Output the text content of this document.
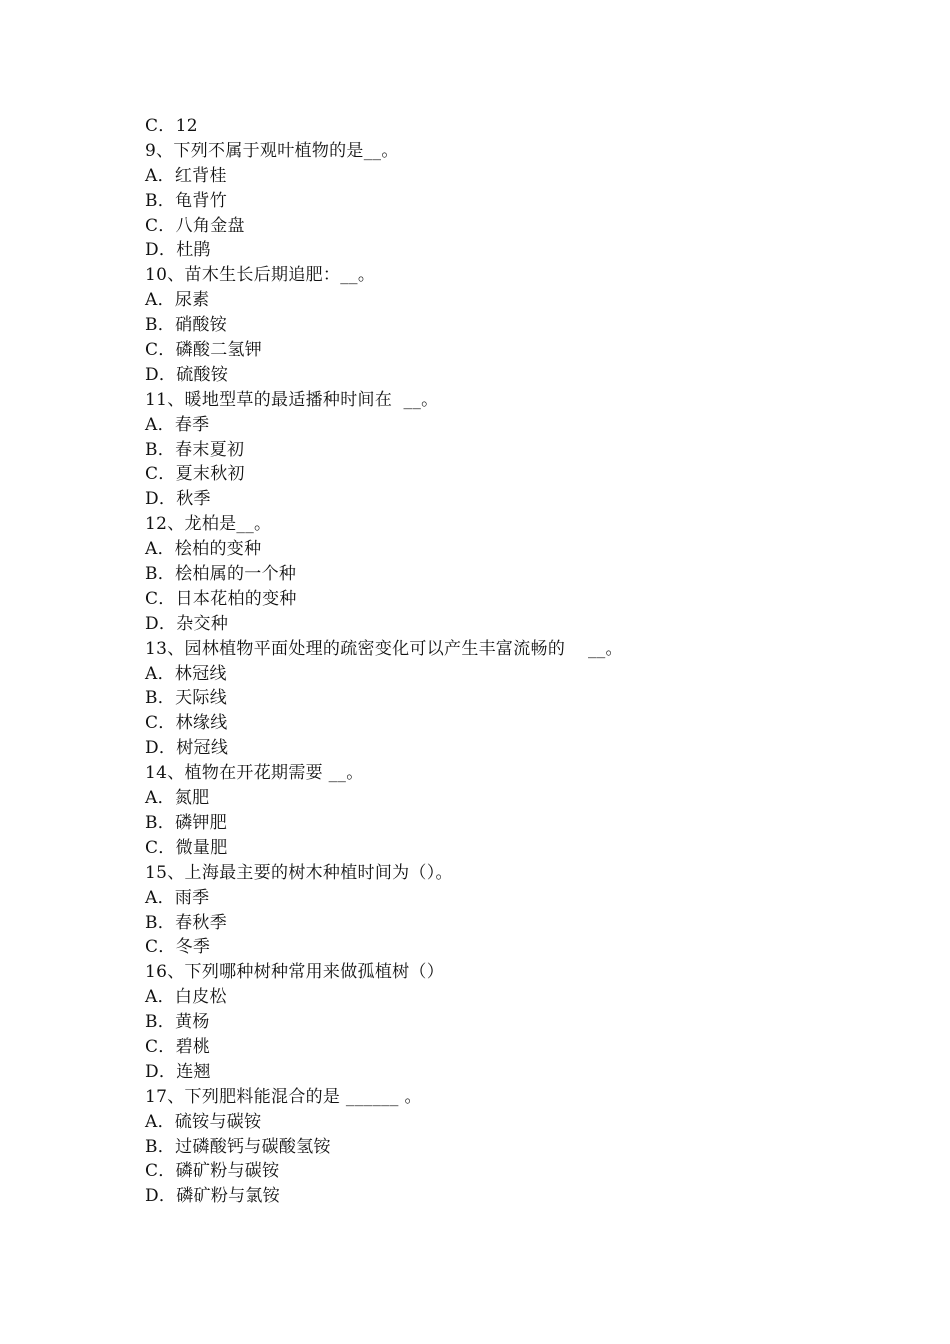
C．12
9、下列不属于观叶植物的是__。
A．红背桂
B．龟背竹
C．八角金盘
D．杜鹃
10、苗木生长后期追肥：__。
A．尿素
B．硝酸铵
C．磷酸二氢钾
D．硫酸铵
11、暖地型草的最适播种时间在  __。
A．春季
B．春末夏初
C．夏末秋初
D．秋季
12、龙柏是__。
A．桧柏的变种
B．桧柏属的一个种
C．日本花柏的变种
D．杂交种
13、园林植物平面处理的疏密变化可以产生丰富流畅的    __。
A．林冠线
B．天际线
C．林缘线
D．树冠线
14、植物在开花期需要 __。
A．氮肥
B．磷钾肥
C．微量肥
15、上海最主要的树木种植时间为（）。
A．雨季
B．春秋季
C．冬季
16、下列哪种树种常用来做孤植树（）
A．白皮松
B．黄杨
C．碧桃
D．连翘
17、下列肥料能混合的是 ______ 。
A．硫铵与碳铵
B．过磷酸钙与碳酸氢铵
C．磷矿粉与碳铵
D．磷矿粉与氯铵
